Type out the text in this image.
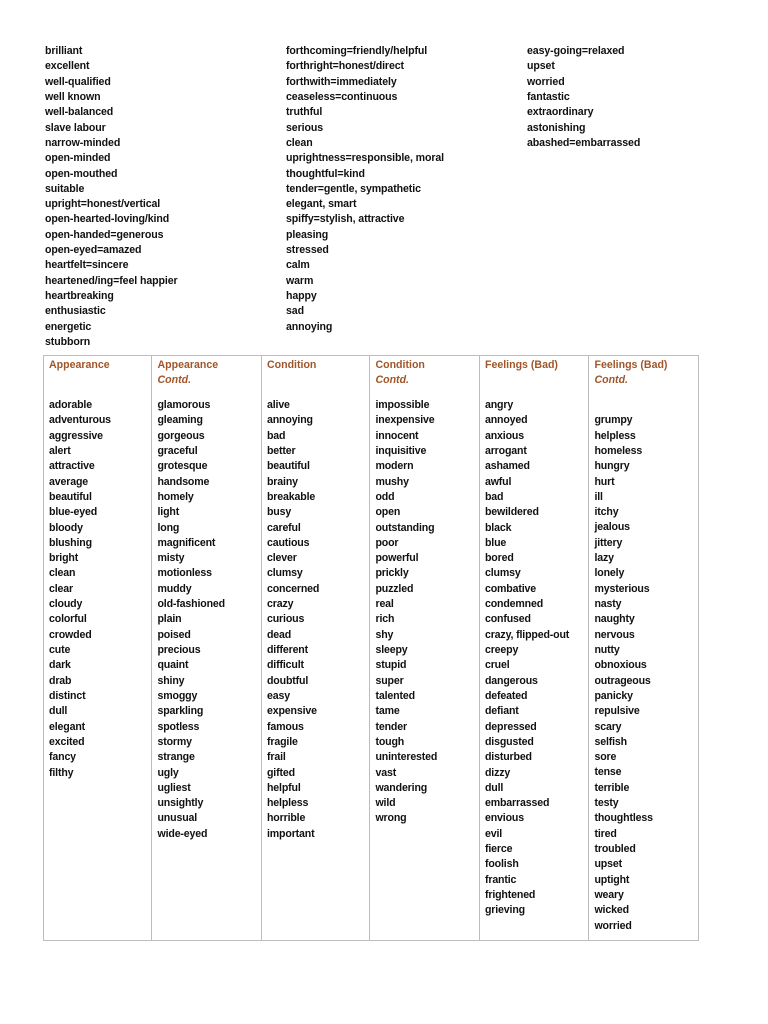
brilliant
excellent
well-qualified
well known
well-balanced
slave labour
narrow-minded
open-minded
open-mouthed
suitable
upright=honest/vertical
open-hearted-loving/kind
open-handed=generous
open-eyed=amazed
heartfelt=sincere
heartened/ing=feel happier
heartbreaking
enthusiastic
energetic
stubborn
forthcoming=friendly/helpful
forthright=honest/direct
forthwith=immediately
ceaseless=continuous
truthful
serious
clean
uprightness=responsible, moral
thoughtful=kind
tender=gentle, sympathetic
elegant, smart
spiffy=stylish, attractive
pleasing
stressed
calm
warm
happy
sad
annoying
easy-going=relaxed
upset
worried
fantastic
extraordinary
astonishing
abashed=embarrassed
Appearance
adorable
adventurous
aggressive
alert
attractive
average
beautiful
blue-eyed
bloody
blushing
bright
clean
clear
cloudy
colorful
crowded
cute
dark
drab
distinct
dull
elegant
excited
fancy
filthy

Appearance
Contd.
glamorous
gleaming
gorgeous
graceful
grotesque
handsome
homely
light
long
magnificent
misty
motionless
muddy
old-fashioned
plain
poised
precious
quaint
shiny
smoggy
sparkling
spotless
stormy
strange
ugly
ugliest
unsightly
unusual
wide-eyed

Condition
alive
annoying
bad
better
beautiful
brainy
breakable
busy
careful
cautious
clever
clumsy
concerned
crazy
curious
dead
different
difficult
doubtful
easy
expensive
famous
fragile
frail
gifted
helpful
helpless
horrible
important

Condition
Contd.
impossible
inexpensive
innocent
inquisitive
modern
mushy
odd
open
outstanding
poor
powerful
prickly
puzzled
real
rich
shy
sleepy
stupid
super
talented
tame
tender
tough
uninterested
vast
wandering
wild
wrong

Feelings (Bad)
angry
annoyed
anxious
arrogant
ashamed
awful
bad
bewildered
black
blue
bored
clumsy
combative
condemned
confused
crazy, flipped-out
creepy
cruel
dangerous
defeated
defiant
depressed
disgusted
disturbed
dizzy
dull
embarrassed
envious
evil
fierce
foolish
frantic
frightened
grieving

Feelings (Bad)
Contd.
grumpy
helpless
homeless
hungry
hurt
ill
itchy
jealous
jittery
lazy
lonely
mysterious
nasty
naughty
nervous
nutty
obnoxious
outrageous
panicky
repulsive
scary
selfish
sore
tense
terrible
testy
thoughtless
tired
troubled
upset
uptight
weary
wicked
worried
